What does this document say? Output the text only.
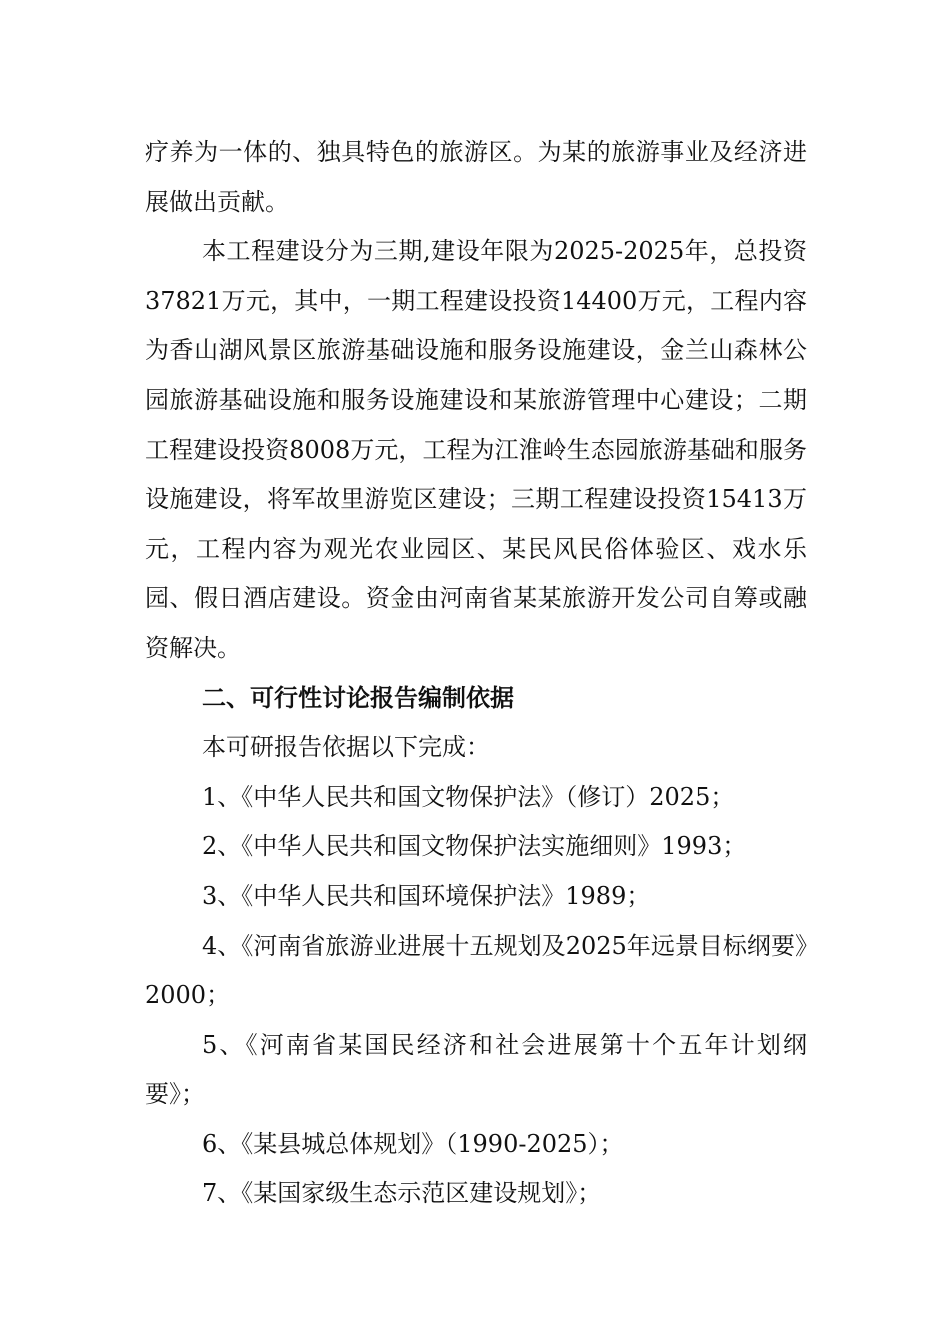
疗养为一体的、独具特色的旅游区。为某的旅游事业及经济进展做出贡献。

本工程建设分为三期,建设年限为2025-2025年，总投资37821万元，其中，一期工程建设投资14400万元，工程内容为香山湖风景区旅游基础设施和服务设施建设，金兰山森林公园旅游基础设施和服务设施建设和某旅游管理中心建设；二期工程建设投资8008万元，工程为江淮岭生态园旅游基础和服务设施建设，将军故里游览区建设；三期工程建设投资15413万元，工程内容为观光农业园区、某民风民俗体验区、戏水乐园、假日酒店建设。资金由河南省某某旅游开发公司自筹或融资解决。

二、可行性讨论报告编制依据

本可研报告依据以下完成：

1、《中华人民共和国文物保护法》（修订）2025；

2、《中华人民共和国文物保护法实施细则》1993；

3、《中华人民共和国环境保护法》1989；

4、《河南省旅游业进展十五规划及2025年远景目标纲要》2000；

5、《河南省某国民经济和社会进展第十个五年计划纲要》；

6、《某县城总体规划》（1990-2025）；

7、《某国家级生态示范区建设规划》；
